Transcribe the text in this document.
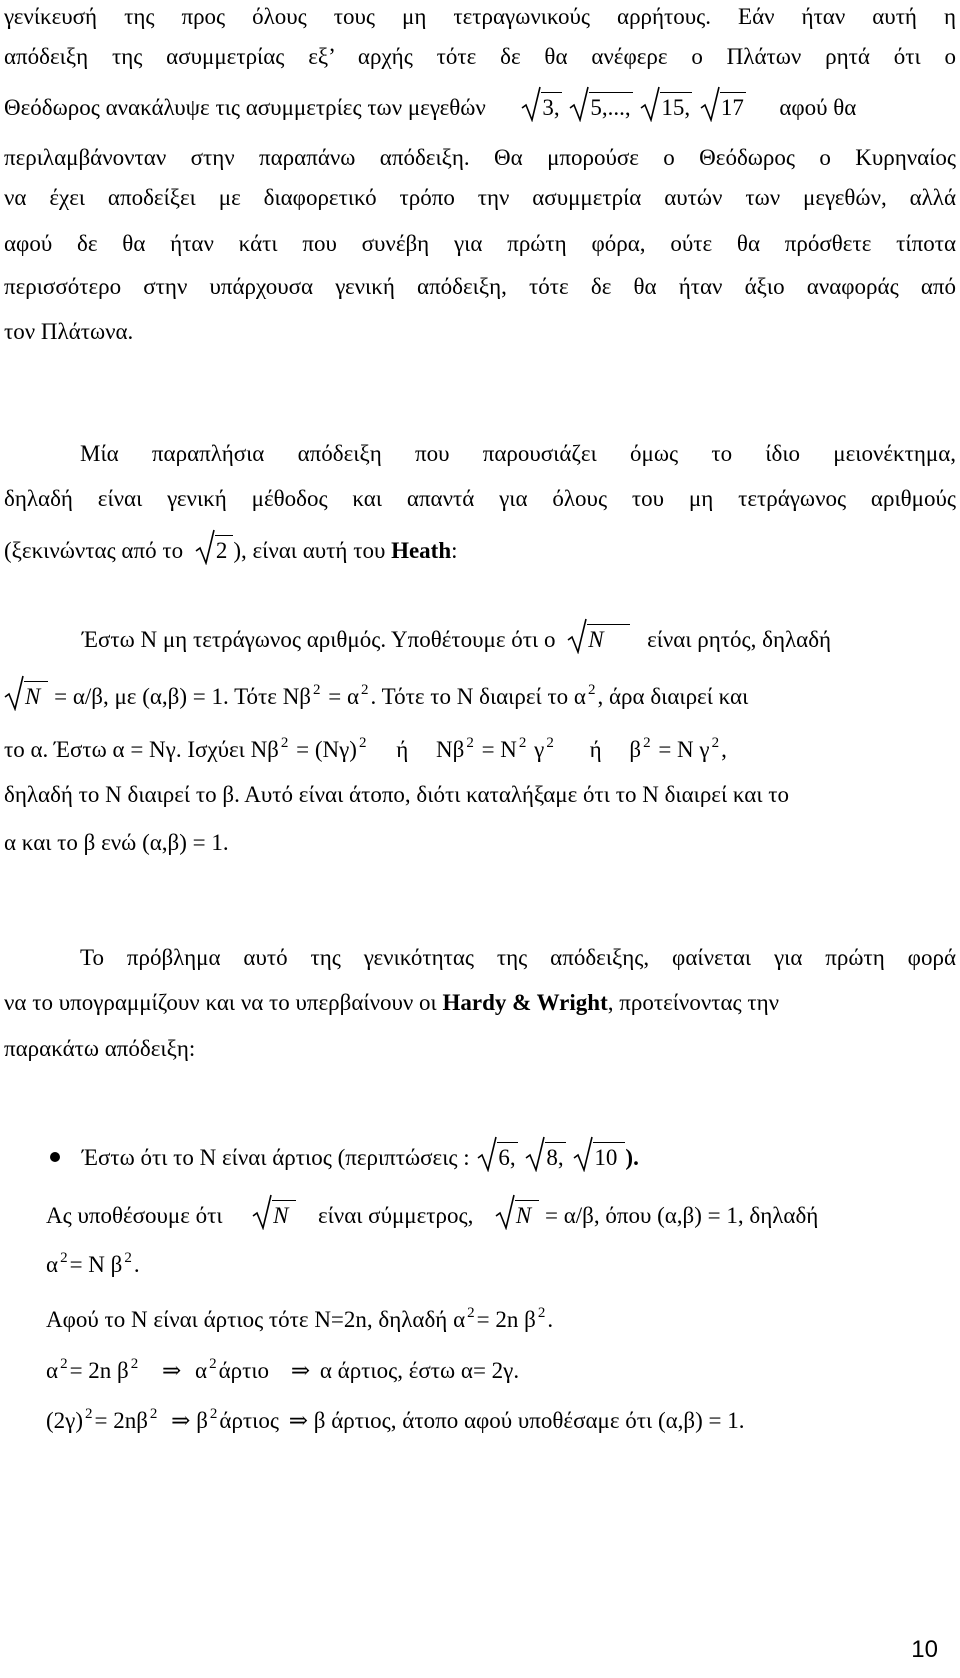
γενίκευσή της προς όλους τους μη τετραγωνικούς αρρήτους. Εάν ήταν αυτή η
απόδειξη της ασυμμετρίας εξ’ αρχής τότε δε θα ανέφερε ο Πλάτων ρητά ότι ο
Θεόδωρος ανακάλυψε τις ασυμμετρίες των μεγεθών 3, 5,..., 15, 17 αφού θα
περιλαμβάνονταν στην παραπάνω απόδειξη. Θα μπορούσε ο Θεόδωρος ο Κυρηναίος
να έχει αποδείξει με διαφορετικό τρόπο την ασυμμετρία αυτών των μεγεθών, αλλά
αφού δε θα ήταν κάτι που συνέβη για πρώτη φόρα, ούτε θα πρόσθετε τίποτα
περισσότερο στην υπάρχουσα γενική απόδειξη, τότε δε θα ήταν άξιο αναφοράς από
τον Πλάτωνα.
Μία παραπλήσια απόδειξη που παρουσιάζει όμως το ίδιο μειονέκτημα,
δηλαδή είναι γενική μέθοδος και απαντά για όλους του μη τετράγωνος αριθμούς
(ξεκινώντας από το 2 ), είναι αυτή του Heath:
Έστω Ν μη τετράγωνος αριθμός. Υποθέτουμε ότι ο N είναι ρητός, δηλαδή
N = α/β, με (α,β) = 1. Τότε Νβ $^2$ = α $^2$. Τότε το Ν διαιρεί το α $^2$, άρα διαιρεί και
το α. Έστω α = Νγ. Ισχύει Νβ $^2$ = (Νγ) $^2$ ή Νβ $^2$ = Ν $^2$ γ $^2$ ή β $^2$ = Ν γ $^2$,
δηλαδή το Ν διαιρεί το β. Αυτό είναι άτοπο, διότι καταλήξαμε ότι το Ν διαιρεί και το
α και το β ενώ (α,β) = 1.
Το πρόβλημα αυτό της γενικότητας της απόδειξης, φαίνεται για πρώτη φορά
να το υπογραμμίζουν και να το υπερβαίνουν οι Hardy & Wright, προτείνοντας την
παρακάτω απόδειξη:
Έστω ότι το Ν είναι άρτιος (περιπτώσεις : 6, 8, 10 ).
Ας υποθέσουμε ότι N είναι σύμμετρος, N = α/β, όπου (α,β) = 1, δηλαδή
α $^2$= Ν β $^2$.
Αφού το Ν είναι άρτιος τότε Ν=2n, δηλαδή α $^2$= 2n β $^2$.
α $^2$= 2n β $^2$ ⇒ α $^2$άρτιο ⇒ α άρτιος, έστω α= 2γ.
(2γ) $^2$= 2nβ $^2$ ⇒ β $^2$άρτιος ⇒ β άρτιος, άτοπο αφού υποθέσαμε ότι (α,β) = 1.
10
